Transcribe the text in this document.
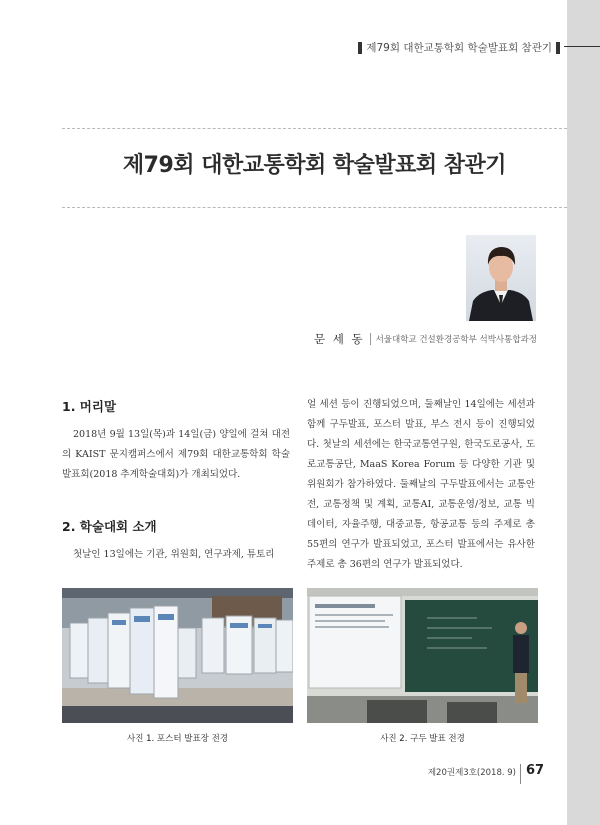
제79회 대한교통학회 학술발표회 참관기
제79회 대한교통학회 학술발표회 참관기
문 세 동 서울대학교 건설환경공학부 석박사통합과정
1. 머리말

2018년 9월 13일(목)과 14일(금) 양일에 걸쳐 대전의 KAIST 문지캠퍼스에서 제79회 대한교통학회 학술발표회(2018 추계학술대회)가 개최되었다.

2. 학술대회 소개

첫날인 13일에는 기관, 위원회, 연구과제, 튜토리

얼 세션 등이 진행되었으며, 둘째날인 14일에는 세션과 함께 구두발표, 포스터 발표, 부스 전시 등이 진행되었다. 첫날의 세션에는 한국교통연구원, 한국도로공사, 도로교통공단, MaaS Korea Forum 등 다양한 기관 및 위원회가 참가하였다. 둘째날의 구두발표에서는 교통안전, 교통정책 및 계획, 교통AI, 교통운영/정보, 교통 빅데이터, 자율주행, 대중교통, 항공교통 등의 주제로 총 55편의 연구가 발표되었고, 포스터 발표에서는 유사한 주제로 총 36편의 연구가 발표되었다.

사진 1. 포스터 발표장 전경	사진 2. 구두 발표 전경
제20권제3호(2018. 9) 67
